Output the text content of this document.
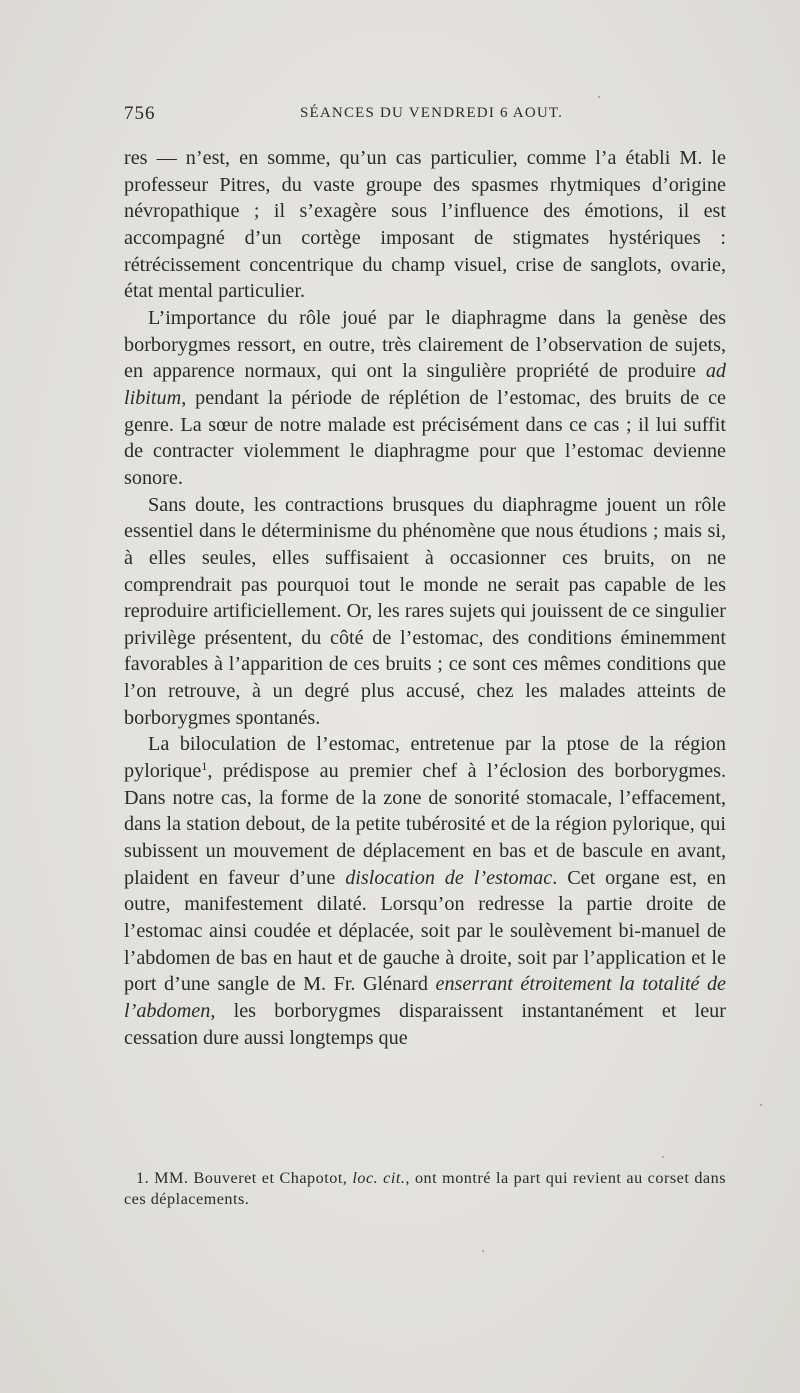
756	SÉANCES DU VENDREDI 6 AOUT.

res — n’est, en somme, qu’un cas particulier, comme l’a établi M. le professeur Pitres, du vaste groupe des spasmes rhytmiques d’origine névropathique ; il s’exagère sous l’influence des émotions, il est accompagné d’un cortège imposant de stigmates hystériques : rétrécissement concentrique du champ visuel, crise de sanglots, ovarie, état mental particulier.

L’importance du rôle joué par le diaphragme dans la genèse des borborygmes ressort, en outre, très clairement de l’observation de sujets, en apparence normaux, qui ont la singulière propriété de produire ad libitum, pendant la période de réplétion de l’estomac, des bruits de ce genre. La sœur de notre malade est précisément dans ce cas ; il lui suffit de contracter violemment le diaphragme pour que l’estomac devienne sonore.

Sans doute, les contractions brusques du diaphragme jouent un rôle essentiel dans le déterminisme du phénomène que nous étudions ; mais si, à elles seules, elles suffisaient à occasionner ces bruits, on ne comprendrait pas pourquoi tout le monde ne serait pas capable de les reproduire artificiellement. Or, les rares sujets qui jouissent de ce singulier privilège présentent, du côté de l’estomac, des conditions éminemment favorables à l’apparition de ces bruits ; ce sont ces mêmes conditions que l’on retrouve, à un degré plus accusé, chez les malades atteints de borborygmes spontanés.

La biloculation de l’estomac, entretenue par la ptose de la région pylorique$^1$, prédispose au premier chef à l’éclosion des borborygmes. Dans notre cas, la forme de la zone de sonorité stomacale, l’effacement, dans la station debout, de la petite tubérosité et de la région pylorique, qui subissent un mouvement de déplacement en bas et de bascule en avant, plaident en faveur d’une dislocation de l’estomac. Cet organe est, en outre, manifestement dilaté. Lorsqu’on redresse la partie droite de l’estomac ainsi coudée et déplacée, soit par le soulèvement bi-manuel de l’abdomen de bas en haut et de gauche à droite, soit par l’application et le port d’une sangle de M. Fr. Glénard enserrant étroitement la totalité de l’abdomen, les borborygmes disparaissent instantanément et leur cessation dure aussi longtemps que

1. MM. Bouveret et Chapotot, loc. cit., ont montré la part qui revient au corset dans ces déplacements.
